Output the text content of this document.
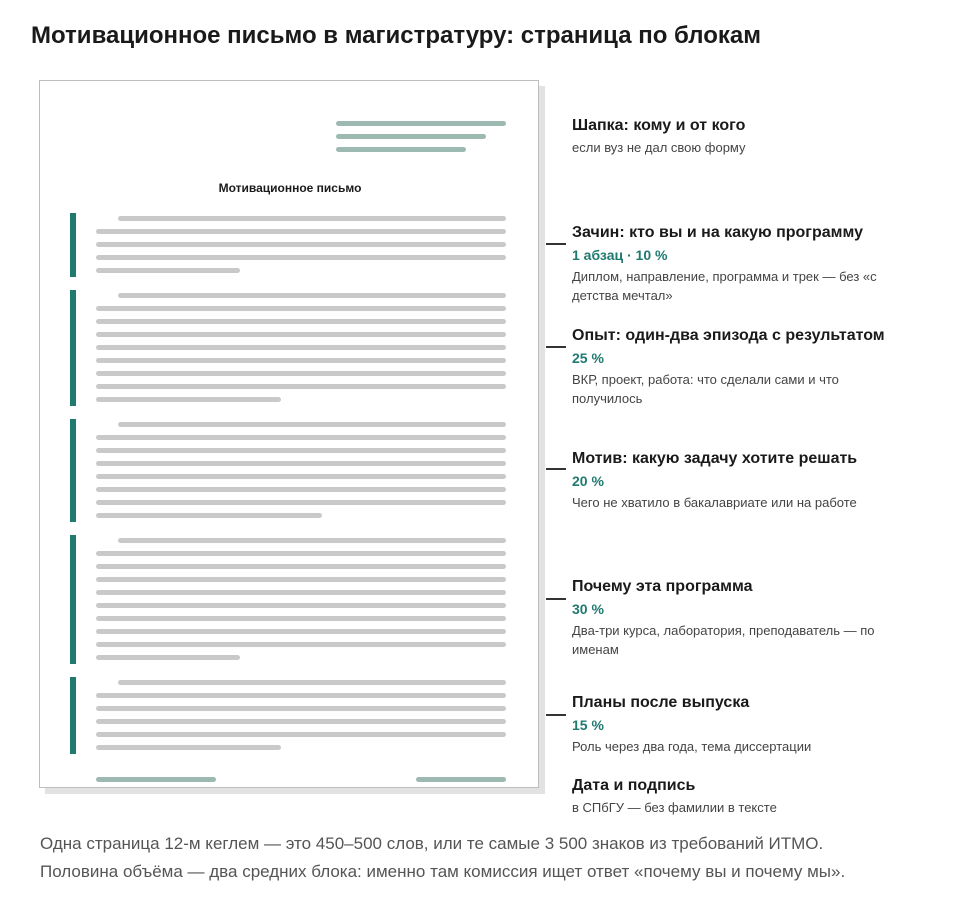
Мотивационное письмо в магистратуру: страница по блокам
Мотивационное письмо
Шапка: кому и от кого
если вуз не дал свою форму
Зачин: кто вы и на какую программу
1 абзац · 10 %
Диплом, направление, программа и трек — без «с детства мечтал»
Опыт: один-два эпизода с результатом
25 %
ВКР, проект, работа: что сделали сами и что получилось
Мотив: какую задачу хотите решать
20 %
Чего не хватило в бакалавриате или на работе
Почему эта программа
30 %
Два-три курса, лаборатория, преподаватель — по именам
Планы после выпуска
15 %
Роль через два года, тема диссертации
Дата и подпись
в СПбГУ — без фамилии в тексте
Одна страница 12-м кеглем — это 450–500 слов, или те самые 3 500 знаков из требований ИТМО.
Половина объёма — два средних блока: именно там комиссия ищет ответ «почему вы и почему мы».
